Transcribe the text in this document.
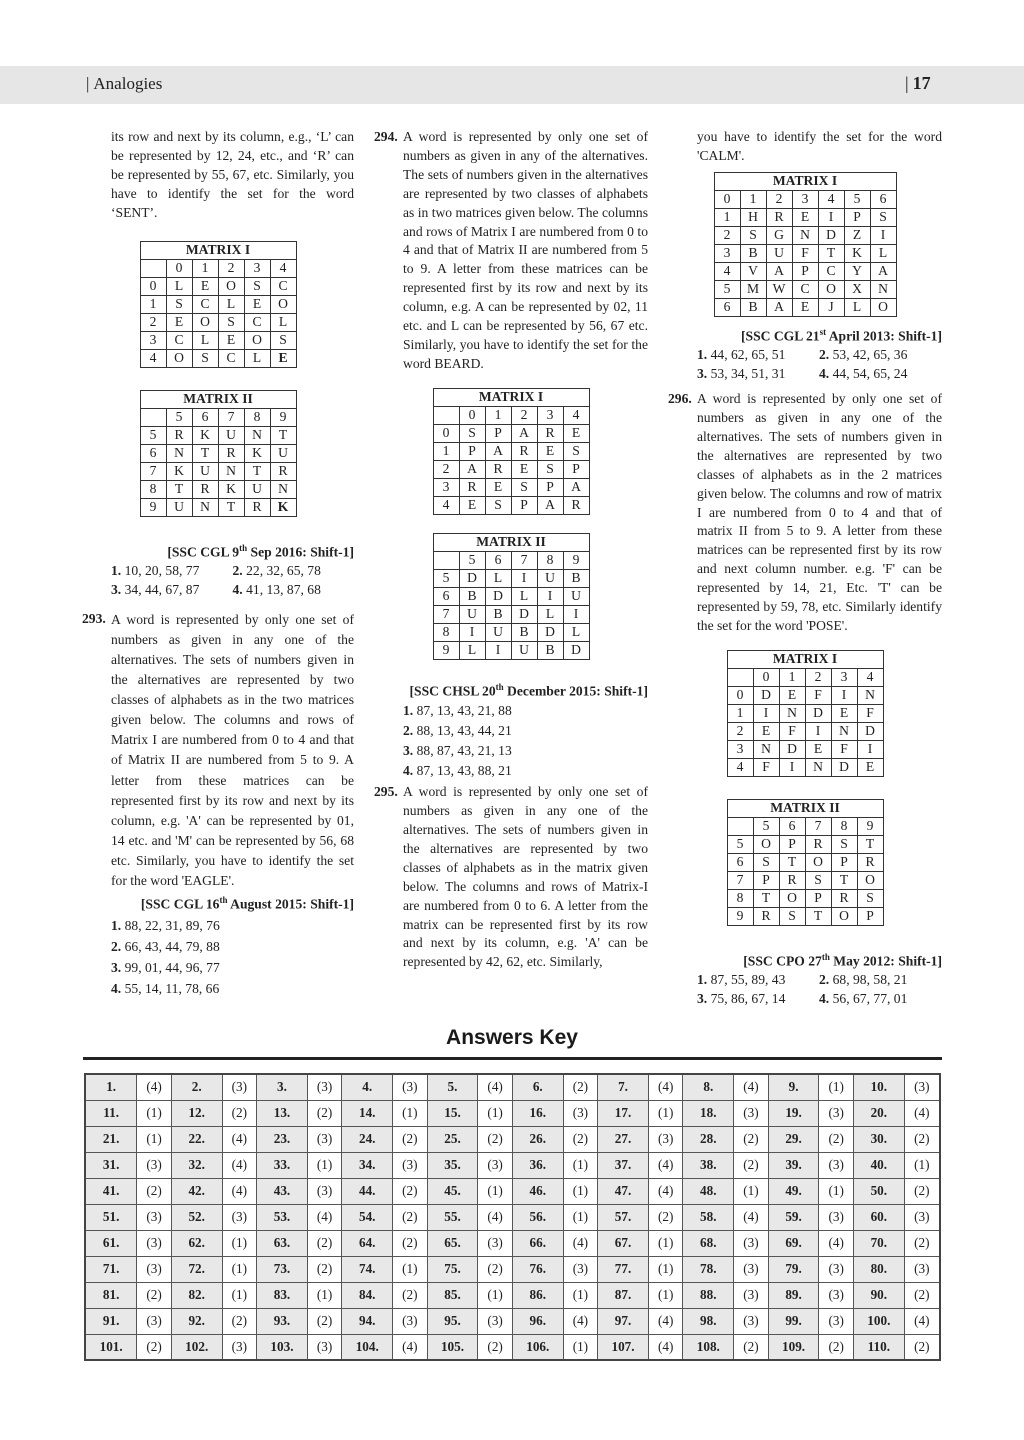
| Analogies	| 17

its row and next by its column, e.g., ‘L’ can be represented by 12, 24, etc., and ‘R’ can be represented by 55, 67, etc. Similarly, you have to identify the set for the word ‘SENT’.

MATRIX I					
	0	1	2	3	4
0	L	E	O	S	C
1	S	C	L	E	O
2	E	O	S	C	L
3	C	L	E	O	S
4	O	S	C	L	E
MATRIX II					
	5	6	7	8	9
5	R	K	U	N	T
6	N	T	R	K	U
7	K	U	N	T	R
8	T	R	K	U	N
9	U	N	T	R	K

[SSC CGL 9th Sep 2016: Shift-1]

1. 10, 20, 58, 77	2. 22, 32, 65, 78
3. 34, 44, 67, 87	4. 41, 13, 87, 68
293. A word is represented by only one set of numbers as given in any one of the alternatives. The sets of numbers given in the alternatives are represented by two classes of alphabets as in the two matrices given below. The columns and rows of Matrix I are numbered from 0 to 4 and that of Matrix II are numbered from 5 to 9. A letter from these matrices can be represented first by its row and next by its column, e.g. 'A' can be represented by 01, 14 etc. and 'M' can be represented by 56, 68 etc. Similarly, you have to identify the set for the word 'EAGLE'.

[SSC CGL 16th August 2015: Shift-1]

1. 88, 22, 31, 89, 76
2. 66, 43, 44, 79, 88
3. 99, 01, 44, 96, 77
4. 55, 14, 11, 78, 66
294. A word is represented by only one set of numbers as given in any of the alternatives. The sets of numbers given in the alternatives are represented by two classes of alphabets as in two matrices given below. The columns and rows of Matrix I are numbered from 0 to 4 and that of Matrix II are numbered from 5 to 9. A letter from these matrices can be represented first by its row and next by its column, e.g. A can be represented by 02, 11 etc. and L can be represented by 56, 67 etc. Similarly, you have to identify the set for the word BEARD.

MATRIX I					
	0	1	2	3	4
0	S	P	A	R	E
1	P	A	R	E	S
2	A	R	E	S	P
3	R	E	S	P	A
4	E	S	P	A	R
MATRIX II					
	5	6	7	8	9
5	D	L	I	U	B
6	B	D	L	I	U
7	U	B	D	L	I
8	I	U	B	D	L
9	L	I	U	B	D

[SSC CHSL 20th December 2015: Shift-1]

1. 87, 13, 43, 21, 88
2. 88, 13, 43, 44, 21
3. 88, 87, 43, 21, 13
4. 87, 13, 43, 88, 21
295. A word is represented by only one set of numbers as given in any one of the alternatives. The sets of numbers given in the alternatives are represented by two classes of alphabets as in the matrix given below. The columns and rows of Matrix-I are numbered from 0 to 6. A letter from the matrix can be represented first by its row and next by its column, e.g. 'A' can be represented by 42, 62, etc. Similarly,

you have to identify the set for the word 'CALM'.

MATRIX I						
0	1	2	3	4	5	6
1	H	R	E	I	P	S
2	S	G	N	D	Z	I
3	B	U	F	T	K	L
4	V	A	P	C	Y	A
5	M	W	C	O	X	N
6	B	A	E	J	L	O

[SSC CGL 21st April 2013: Shift-1]

1. 44, 62, 65, 51	2. 53, 42, 65, 36
3. 53, 34, 51, 31	4. 44, 54, 65, 24
296. A word is represented by only one set of numbers as given in any one of the alternatives. The sets of numbers given in the alternatives are represented by two classes of alphabets as in the 2 matrices given below. The columns and row of matrix I are numbered from 0 to 4 and that of matrix II from 5 to 9. A letter from these matrices can be represented first by its row and next column number. e.g. 'F' can be represented by 14, 21, Etc. 'T' can be represented by 59, 78, etc. Similarly identify the set for the word 'POSE'.

MATRIX I					
	0	1	2	3	4
0	D	E	F	I	N
1	I	N	D	E	F
2	E	F	I	N	D
3	N	D	E	F	I
4	F	I	N	D	E
MATRIX II					
	5	6	7	8	9
5	O	P	R	S	T
6	S	T	O	P	R
7	P	R	S	T	O
8	T	O	P	R	S
9	R	S	T	O	P

[SSC CPO 27th May 2012: Shift-1]

1. 87, 55, 89, 43	2. 68, 98, 58, 21
3. 75, 86, 67, 14	4. 56, 67, 77, 01
Answers Key
1.	(4)	2.	(3)	3.	(3)	4.	(3)	5.	(4)	6.	(2)	7.	(4)	8.	(4)	9.	(1)	10.	(3)
11.	(1)	12.	(2)	13.	(2)	14.	(1)	15.	(1)	16.	(3)	17.	(1)	18.	(3)	19.	(3)	20.	(4)
21.	(1)	22.	(4)	23.	(3)	24.	(2)	25.	(2)	26.	(2)	27.	(3)	28.	(2)	29.	(2)	30.	(2)
31.	(3)	32.	(4)	33.	(1)	34.	(3)	35.	(3)	36.	(1)	37.	(4)	38.	(2)	39.	(3)	40.	(1)
41.	(2)	42.	(4)	43.	(3)	44.	(2)	45.	(1)	46.	(1)	47.	(4)	48.	(1)	49.	(1)	50.	(2)
51.	(3)	52.	(3)	53.	(4)	54.	(2)	55.	(4)	56.	(1)	57.	(2)	58.	(4)	59.	(3)	60.	(3)
61.	(3)	62.	(1)	63.	(2)	64.	(2)	65.	(3)	66.	(4)	67.	(1)	68.	(3)	69.	(4)	70.	(2)
71.	(3)	72.	(1)	73.	(2)	74.	(1)	75.	(2)	76.	(3)	77.	(1)	78.	(3)	79.	(3)	80.	(3)
81.	(2)	82.	(1)	83.	(1)	84.	(2)	85.	(1)	86.	(1)	87.	(1)	88.	(3)	89.	(3)	90.	(2)
91.	(3)	92.	(2)	93.	(2)	94.	(3)	95.	(3)	96.	(4)	97.	(4)	98.	(3)	99.	(3)	100.	(4)
101.	(2)	102.	(3)	103.	(3)	104.	(4)	105.	(2)	106.	(1)	107.	(4)	108.	(2)	109.	(2)	110.	(2)
